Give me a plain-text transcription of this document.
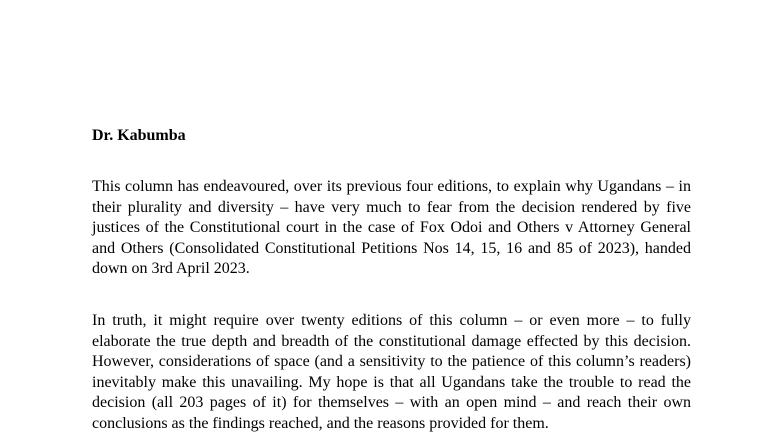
Dr. Kabumba

This column has endeavoured, over its previous four editions, to explain why Ugandans – in their plurality and diversity – have very much to fear from the decision rendered by five justices of the Constitutional court in the case of Fox Odoi and Others v Attorney General and Others (Consolidated Constitutional Petitions Nos 14, 15, 16 and 85 of 2023), handed down on 3rd April 2023.

In truth, it might require over twenty editions of this column – or even more – to fully elaborate the true depth and breadth of the constitutional damage effected by this decision. However, considerations of space (and a sensitivity to the patience of this column’s readers) inevitably make this unavailing. My hope is that all Ugandans take the trouble to read the decision (all 203 pages of it) for themselves – with an open mind – and reach their own conclusions as the findings reached, and the reasons provided for them.
